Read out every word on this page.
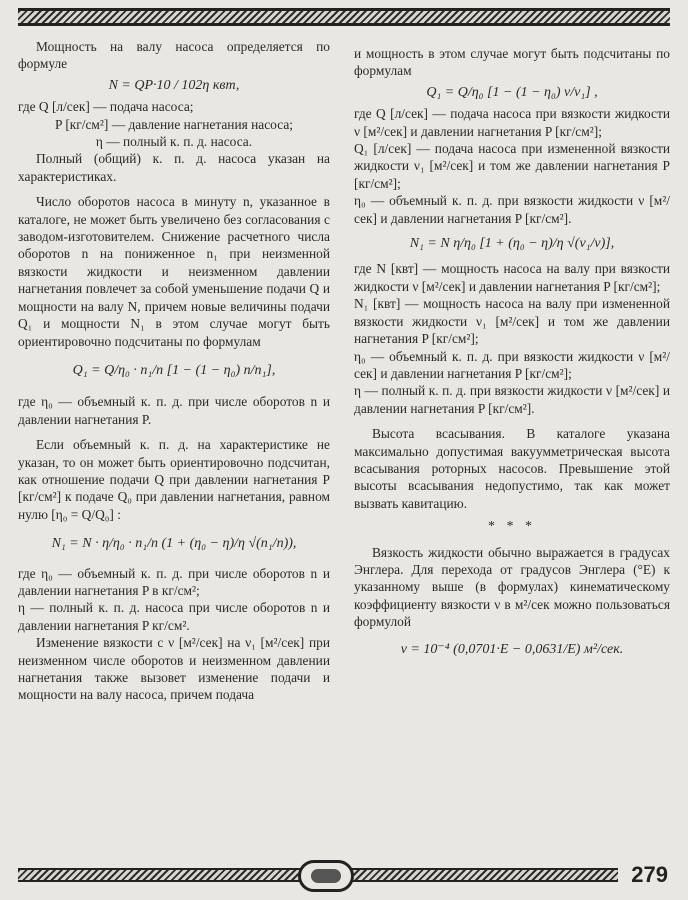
Мощность на валу насоса определяется по формуле

N = QP·10 / 102η квт,

где Q [л/сек] — подача насоса;

P [кг/см²] — давление нагнетания насоса;

η — полный к. п. д. насоса.

Полный (общий) к. п. д. насоса указан на характеристиках.

Число оборотов насоса в минуту n, указанное в каталоге, не может быть увеличено без согласования с заводом-изготовителем. Снижение расчетного числа оборотов n на пониженное n₁ при неизменной вязкости жидкости и неизменном давлении нагнетания повлечет за собой уменьшение подачи Q и мощности на валу N, причем новые величины подачи Q₁ и мощности N₁ в этом случае могут быть ориентировочно подсчитаны по формулам

Q₁ = Q/η₀ · n₁/n [1 − (1 − η₀) n/n₁],

где η₀ — объемный к. п. д. при числе оборотов n и давлении нагнетания P.

Если объемный к. п. д. на характеристике не указан, то он может быть ориентировочно подсчитан, как отношение подачи Q при давлении нагнетания P [кг/см²] к подаче Q₀ при давлении нагнетания, равном нулю [η₀ = Q/Q₀] :

N₁ = N · η/η₀ · n₁/n (1 + (η₀ − η)/η √(n₁/n)),

где η₀ — объемный к. п. д. при числе оборотов n и давлении нагнетания P в кг/см²;

η — полный к. п. д. насоса при числе оборотов n и давлении нагнетания P кг/см².

Изменение вязкости с ν [м²/сек] на ν₁ [м²/сек] при неизменном числе оборотов и неизменном давлении нагнетания также вызовет изменение подачи и мощности на валу насоса, причем подача

и мощность в этом случае могут быть подсчитаны по формулам

Q₁ = Q/η₀ [1 − (1 − η₀) ν/ν₁] ,

где Q [л/сек] — подача насоса при вязкости жидкости ν [м²/сек] и давлении нагнетания P [кг/см²];

Q₁ [л/сек] — подача насоса при измененной вязкости жидкости ν₁ [м²/сек] и том же давлении нагнетания P [кг/см²];

η₀ — объемный к. п. д. при вязкости жидкости ν [м²/сек] и давлении нагнетания P [кг/см²].

N₁ = N η/η₀ [1 + (η₀ − η)/η √(ν₁/ν)],

где N [квт] — мощность насоса на валу при вязкости жидкости ν [м²/сек] и давлении нагнетания P [кг/см²];

N₁ [квт] — мощность насоса на валу при измененной вязкости жидкости ν₁ [м²/сек] и том же давлении нагнетания P [кг/см²];

η₀ — объемный к. п. д. при вязкости жидкости ν [м²/сек] и давлении нагнетания P [кг/см²];

η — полный к. п. д. при вязкости жидкости ν [м²/сек] и давлении нагнетания P [кг/см²].

Высота всасывания. В каталоге указана максимально допустимая вакуумметрическая высота всасывания роторных насосов. Превышение этой высоты всасывания недопустимо, так как может вызвать кавитацию.

* * *

Вязкость жидкости обычно выражается в градусах Энглера. Для перехода от градусов Энглера (°E) к указанному выше (в формулах) кинематическому коэффициенту вязкости ν в м²/сек можно пользоваться формулой

ν = 10⁻⁴ (0,0701·E − 0,0631/E) м²/сек.
279
